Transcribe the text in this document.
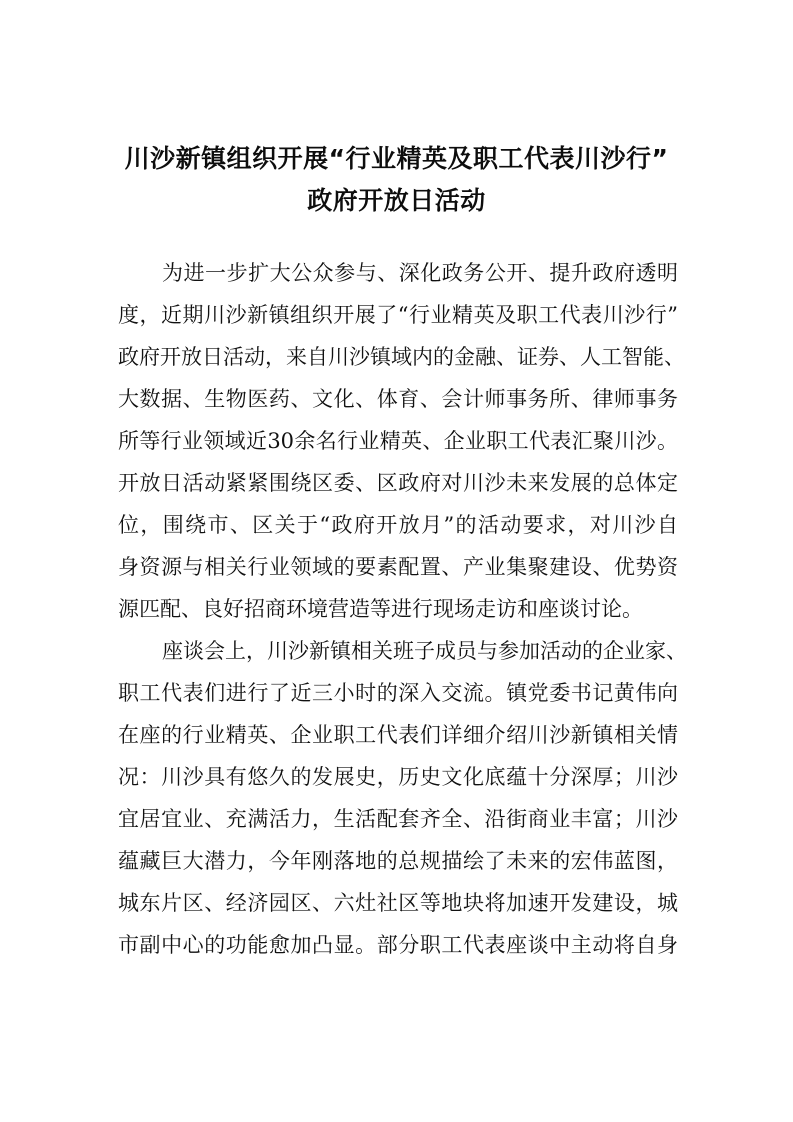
川沙新镇组织开展“行业精英及职工代表川沙行”
政府开放日活动
为进一步扩大公众参与、深化政务公开、提升政府透明
度，近期川沙新镇组织开展了“行业精英及职工代表川沙行”
政府开放日活动，来自川沙镇域内的金融、证券、人工智能、
大数据、生物医药、文化、体育、会计师事务所、律师事务
所等行业领域近30余名行业精英、企业职工代表汇聚川沙。
开放日活动紧紧围绕区委、区政府对川沙未来发展的总体定
位，围绕市、区关于“政府开放月”的活动要求，对川沙自
身资源与相关行业领域的要素配置、产业集聚建设、优势资
源匹配、良好招商环境营造等进行现场走访和座谈讨论。
座谈会上，川沙新镇相关班子成员与参加活动的企业家、
职工代表们进行了近三小时的深入交流。镇党委书记黄伟向
在座的行业精英、企业职工代表们详细介绍川沙新镇相关情
况：川沙具有悠久的发展史，历史文化底蕴十分深厚；川沙
宜居宜业、充满活力，生活配套齐全、沿街商业丰富；川沙
蕴藏巨大潜力，今年刚落地的总规描绘了未来的宏伟蓝图，
城东片区、经济园区、六灶社区等地块将加速开发建设，城
市副中心的功能愈加凸显。部分职工代表座谈中主动将自身
